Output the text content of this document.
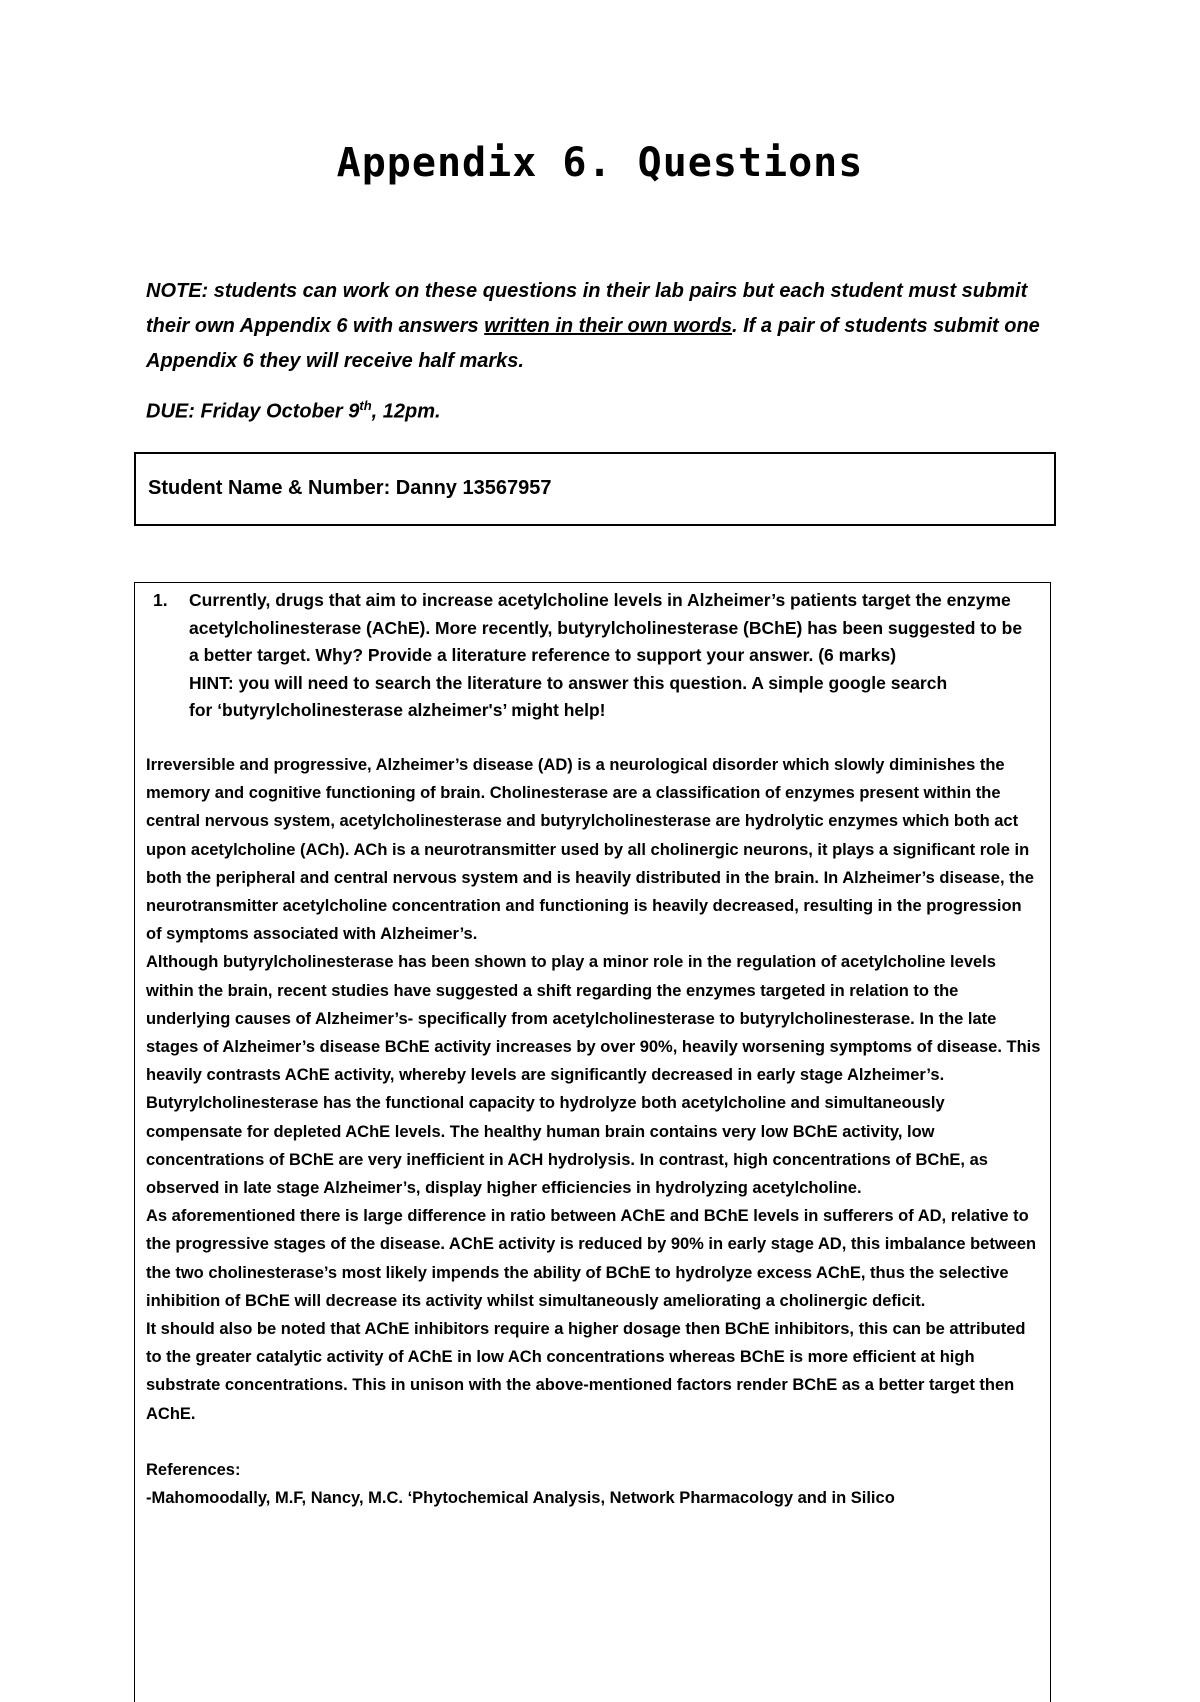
Appendix 6. Questions
NOTE: students can work on these questions in their lab pairs but each student must submit their own Appendix 6 with answers written in their own words. If a pair of students submit one Appendix 6 they will receive half marks.
DUE: Friday October 9th, 12pm.
Student Name & Number: Danny 13567957
1. Currently, drugs that aim to increase acetylcholine levels in Alzheimer’s patients target the enzyme acetylcholinesterase (AChE). More recently, butyrylcholinesterase (BChE) has been suggested to be a better target. Why? Provide a literature reference to support your answer. (6 marks)
HINT: you will need to search the literature to answer this question. A simple google search
for ‘butyrylcholinesterase alzheimer's’ might help!

Irreversible and progressive, Alzheimer’s disease (AD) is a neurological disorder which slowly diminishes the memory and cognitive functioning of brain. Cholinesterase are a classification of enzymes present within the central nervous system, acetylcholinesterase and butyrylcholinesterase are hydrolytic enzymes which both act upon acetylcholine (ACh). ACh is a neurotransmitter used by all cholinergic neurons, it plays a significant role in both the peripheral and central nervous system and is heavily distributed in the brain. In Alzheimer’s disease, the neurotransmitter acetylcholine concentration and functioning is heavily decreased, resulting in the progression of symptoms associated with Alzheimer’s.

Although butyrylcholinesterase has been shown to play a minor role in the regulation of acetylcholine levels within the brain, recent studies have suggested a shift regarding the enzymes targeted in relation to the underlying causes of Alzheimer’s- specifically from acetylcholinesterase to butyrylcholinesterase. In the late stages of Alzheimer’s disease BChE activity increases by over 90%, heavily worsening symptoms of disease. This heavily contrasts AChE activity, whereby levels are significantly decreased in early stage Alzheimer’s. Butyrylcholinesterase has the functional capacity to hydrolyze both acetylcholine and simultaneously compensate for depleted AChE levels. The healthy human brain contains very low BChE activity, low concentrations of BChE are very inefficient in ACH hydrolysis. In contrast, high concentrations of BChE, as observed in late stage Alzheimer’s, display higher efficiencies in hydrolyzing acetylcholine.

As aforementioned there is large difference in ratio between AChE and BChE levels in sufferers of AD, relative to the progressive stages of the disease. AChE activity is reduced by 90% in early stage AD, this imbalance between the two cholinesterase’s most likely impends the ability of BChE to hydrolyze excess AChE, thus the selective inhibition of BChE will decrease its activity whilst simultaneously ameliorating a cholinergic deficit.

It should also be noted that AChE inhibitors require a higher dosage then BChE inhibitors, this can be attributed to the greater catalytic activity of AChE in low ACh concentrations whereas BChE is more efficient at high substrate concentrations. This in unison with the above-mentioned factors render BChE as a better target then AChE.

References:

-Mahomoodally, M.F, Nancy, M.C. ‘Phytochemical Analysis, Network Pharmacology and in Silico
